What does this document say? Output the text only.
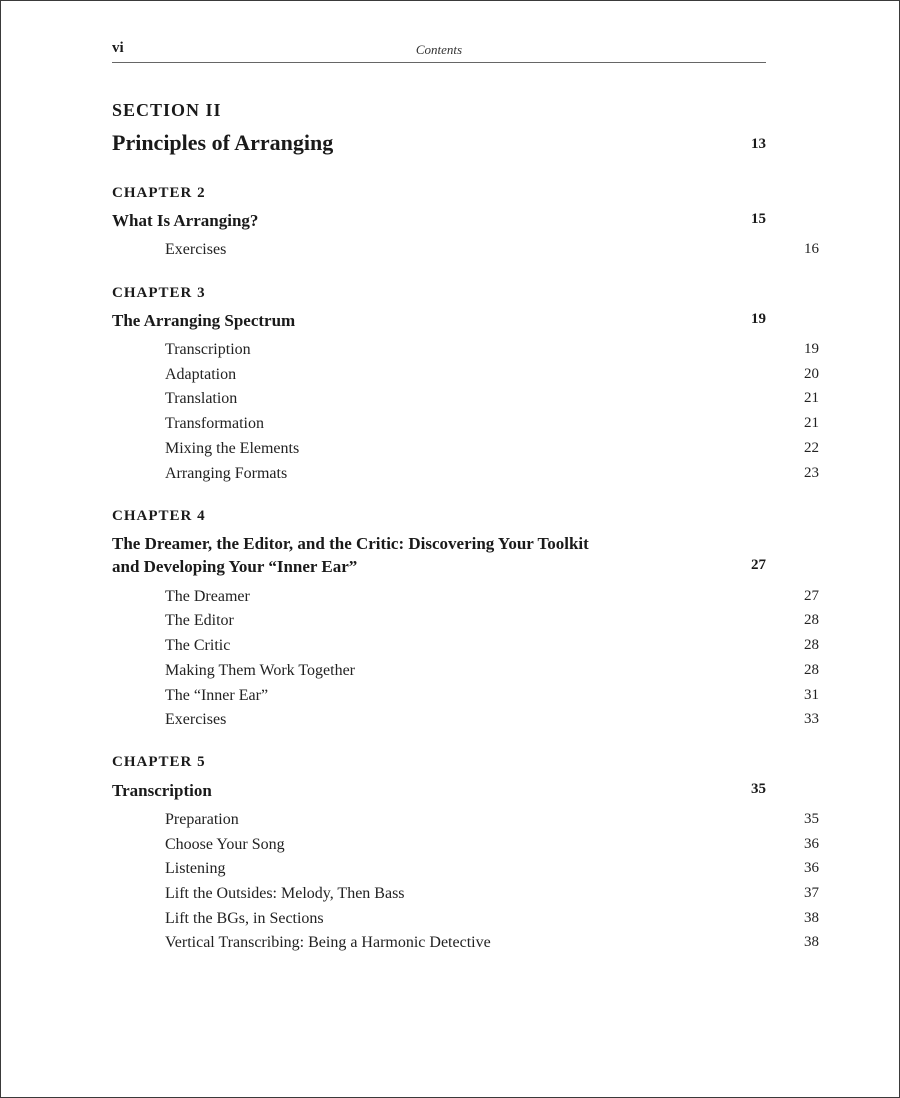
vi	Contents
SECTION II
Principles of Arranging	13
CHAPTER 2
What Is Arranging?	15
Exercises	16
CHAPTER 3
The Arranging Spectrum	19
Transcription	19
Adaptation	20
Translation	21
Transformation	21
Mixing the Elements	22
Arranging Formats	23
CHAPTER 4
The Dreamer, the Editor, and the Critic: Discovering Your Toolkit
and Developing Your “Inner Ear”	27
The Dreamer	27
The Editor	28
The Critic	28
Making Them Work Together	28
The “Inner Ear”	31
Exercises	33
CHAPTER 5
Transcription	35
Preparation	35
Choose Your Song	36
Listening	36
Lift the Outsides: Melody, Then Bass	37
Lift the BGs, in Sections	38
Vertical Transcribing: Being a Harmonic Detective	38
